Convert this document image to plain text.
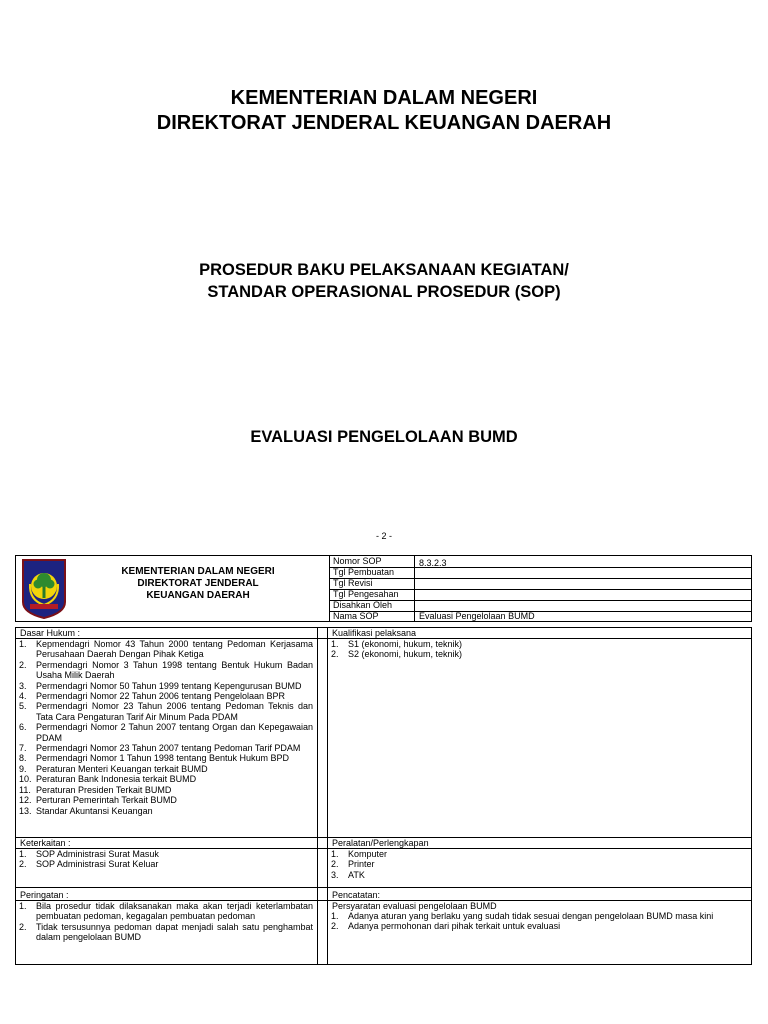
KEMENTERIAN DALAM NEGERI
DIREKTORAT JENDERAL KEUANGAN DAERAH
PROSEDUR BAKU PELAKSANAAN KEGIATAN/
STANDAR OPERASIONAL PROSEDUR (SOP)
EVALUASI PENGELOLAAN BUMD
- 2 -
KEMENTERIAN DALAM NEGERI
DIREKTORAT JENDERAL
KEUANGAN DAERAH
Nomor SOP	8.3.2.3
Tgl Pembuatan
Tgl Revisi
Tgl Pengesahan
Disahkan Oleh
Nama SOP	Evaluasi Pengelolaan BUMD
Dasar Hukum :
1. Kepmendagri Nomor 43 Tahun 2000 tentang Pedoman Kerjasama Perusahaan Daerah Dengan Pihak Ketiga
2. Permendagri Nomor 3 Tahun 1998 tentang Bentuk Hukum Badan Usaha Milik Daerah
3. Permendagri Nomor 50 Tahun 1999 tentang Kepengurusan BUMD
4. Permendagri Nomor 22 Tahun 2006 tentang Pengelolaan BPR
5. Permendagri Nomor 23 Tahun 2006 tentang Pedoman Teknis dan Tata Cara Pengaturan Tarif Air Minum Pada PDAM
6. Permendagri Nomor 2 Tahun 2007 tentang Organ dan Kepegawaian PDAM
7. Permendagri Nomor 23 Tahun 2007 tentang Pedoman Tarif PDAM
8. Permendagri Nomor 1 Tahun 1998 tentang Bentuk Hukum BPD
9. Peraturan Menteri Keuangan terkait BUMD
10. Peraturan Bank Indonesia terkait BUMD
11. Peraturan Presiden Terkait BUMD
12. Perturan Pemerintah Terkait BUMD
13. Standar Akuntansi Keuangan
Kualifikasi pelaksana
1. S1 (ekonomi, hukum, teknik)
2. S2 (ekonomi, hukum, teknik)
Keterkaitan :
1. SOP Administrasi Surat Masuk
2. SOP Administrasi Surat Keluar
Peralatan/Perlengkapan
1. Komputer
2. Printer
3. ATK
Peringatan :
1. Bila prosedur tidak dilaksanakan maka akan terjadi keterlambatan pembuatan pedoman, kegagalan pembuatan pedoman
2. Tidak tersusunnya pedoman dapat menjadi salah satu penghambat dalam pengelolaan BUMD
Pencatatan:
Persyaratan evaluasi pengelolaan BUMD
1. Adanya aturan yang berlaku yang sudah tidak sesuai dengan pengelolaan BUMD masa kini
2. Adanya permohonan dari pihak terkait untuk evaluasi
